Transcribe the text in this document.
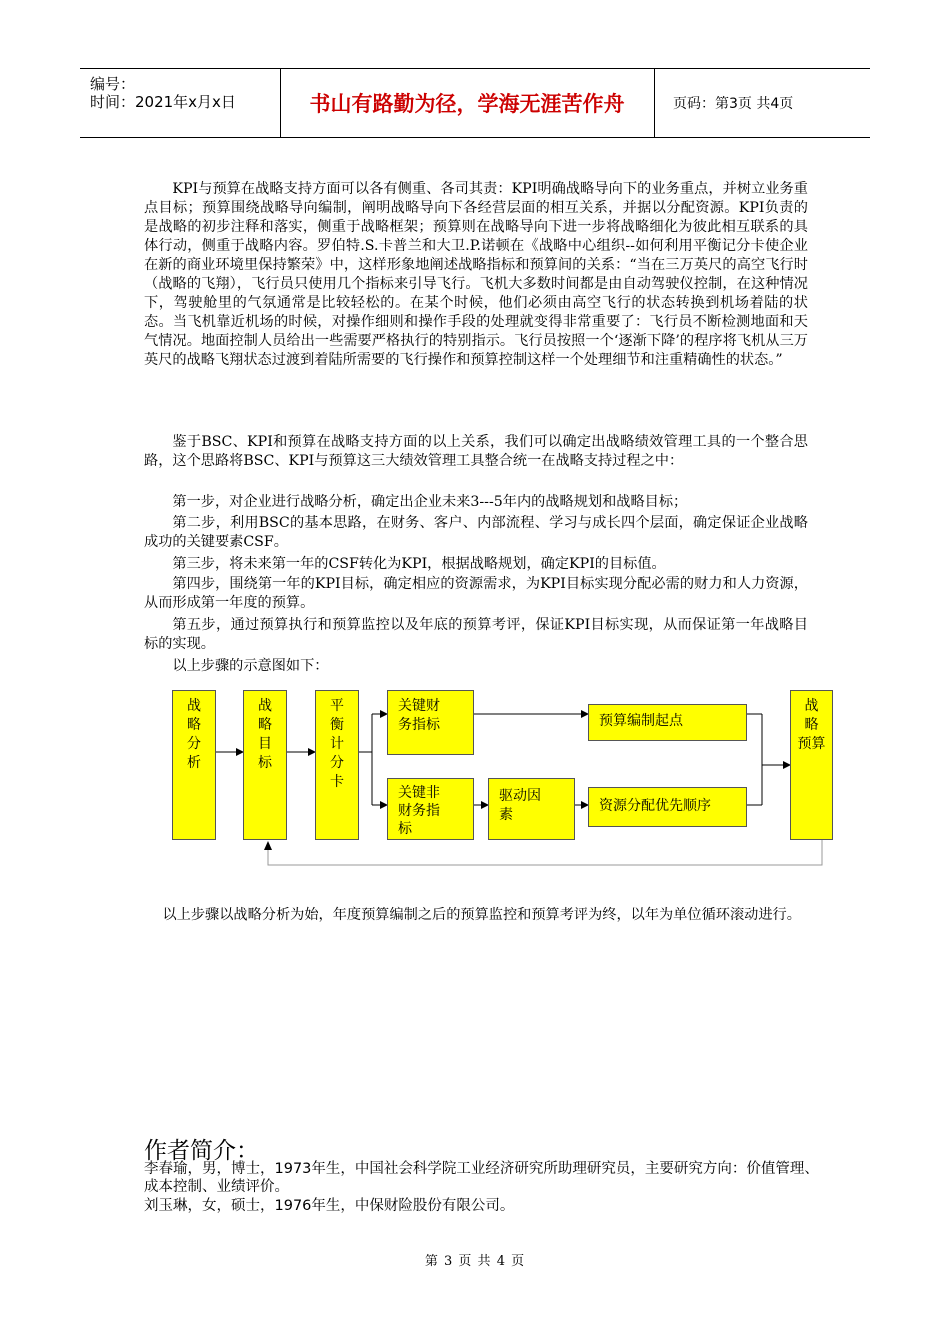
编号：
时间：2021年x月x日	书山有路勤为径，学海无涯苦作舟	页码：第3页 共4页
KPI与预算在战略支持方面可以各有侧重、各司其责：KPI明确战略导向下的业务重点，并树立业务重点目标；预算围绕战略导向编制，阐明战略导向下各经营层面的相互关系，并据以分配资源。KPI负责的是战略的初步注释和落实，侧重于战略框架；预算则在战略导向下进一步将战略细化为彼此相互联系的具体行动，侧重于战略内容。罗伯特.S.卡普兰和大卫.P.诺顿在《战略中心组织--如何利用平衡记分卡使企业在新的商业环境里保持繁荣》中，这样形象地阐述战略指标和预算间的关系：“当在三万英尺的高空飞行时（战略的飞翔），飞行员只使用几个指标来引导飞行。飞机大多数时间都是由自动驾驶仪控制，在这种情况下，驾驶舱里的气氛通常是比较轻松的。在某个时候，他们必须由高空飞行的状态转换到机场着陆的状态。当飞机靠近机场的时候，对操作细则和操作手段的处理就变得非常重要了：飞行员不断检测地面和天气情况。地面控制人员给出一些需要严格执行的特别指示。飞行员按照一个‘逐渐下降’的程序将飞机从三万英尺的战略飞翔状态过渡到着陆所需要的飞行操作和预算控制这样一个处理细节和注重精确性的状态。”
鉴于BSC、KPI和预算在战略支持方面的以上关系，我们可以确定出战略绩效管理工具的一个整合思路，这个思路将BSC、KPI与预算这三大绩效管理工具整合统一在战略支持过程之中：
第一步，对企业进行战略分析，确定出企业未来3---5年内的战略规划和战略目标；
第二步，利用BSC的基本思路，在财务、客户、内部流程、学习与成长四个层面，确定保证企业战略成功的关键要素CSF。
第三步，将未来第一年的CSF转化为KPI，根据战略规划，确定KPI的目标值。
第四步，围绕第一年的KPI目标，确定相应的资源需求，为KPI目标实现分配必需的财力和人力资源，从而形成第一年度的预算。
第五步，通过预算执行和预算监控以及年底的预算考评，保证KPI目标实现，从而保证第一年战略目标的实现。
以上步骤的示意图如下：
战略分析
战略目标
平衡计分卡
关键财
务指标
关键非
财务指
标
驱动因
素
预算编制起点
资源分配优先顺序
战略
预算
以上步骤以战略分析为始，年度预算编制之后的预算监控和预算考评为终，以年为单位循环滚动进行。
作者简介：
李春瑜，男，博士，1973年生，中国社会科学院工业经济研究所助理研究员，主要研究方向：价值管理、成本控制、业绩评价。
刘玉琳，女，硕士，1976年生，中保财险股份有限公司。
第 3 页 共 4 页
